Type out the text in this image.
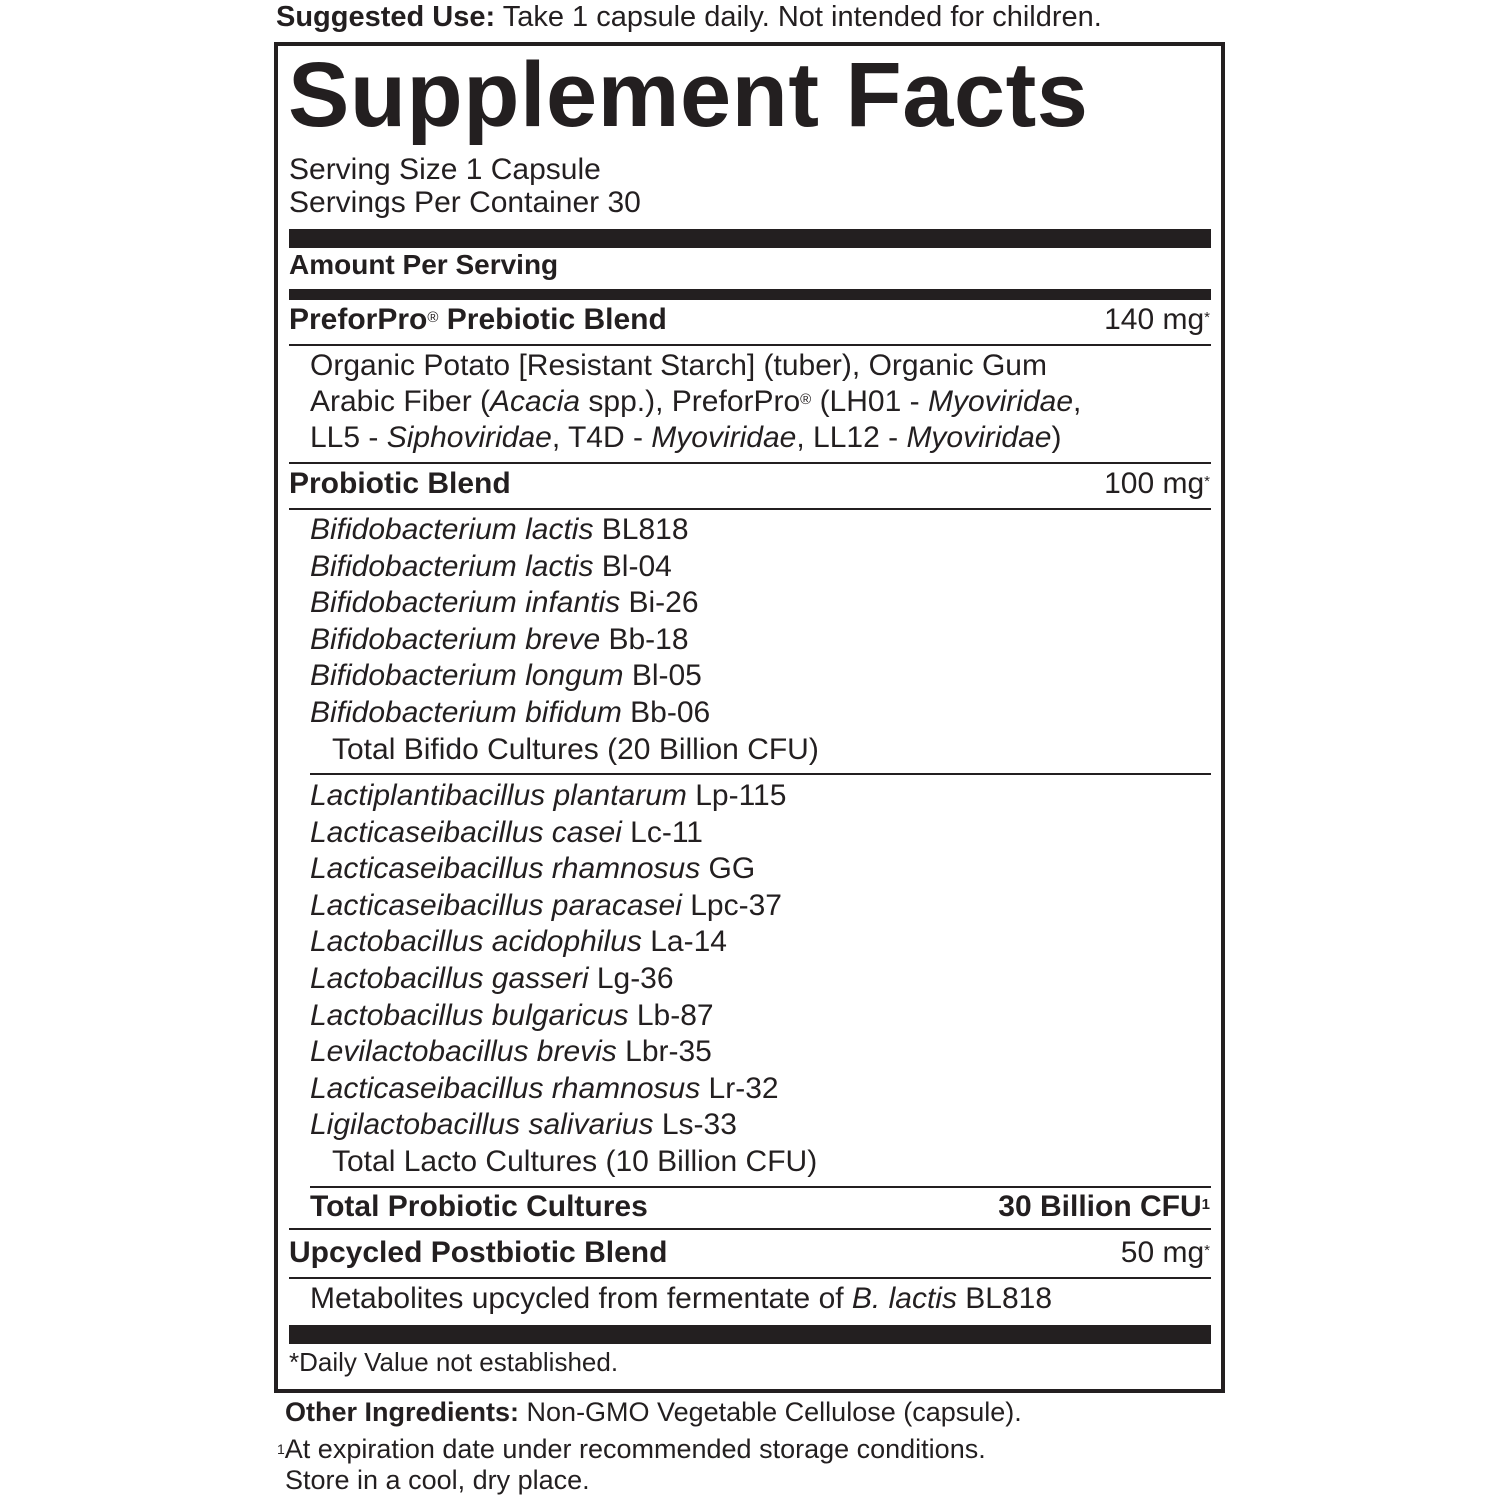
Suggested Use: Take 1 capsule daily. Not intended for children.
Supplement Facts
Serving Size 1 Capsule
Servings Per Container 30
Amount Per Serving
PreforPro® Prebiotic Blend	140 mg*
Organic Potato [Resistant Starch] (tuber), Organic Gum
Arabic Fiber (Acacia spp.), PreforPro® (LH01 - Myoviridae,
LL5 - Siphoviridae, T4D - Myoviridae, LL12 - Myoviridae)
Probiotic Blend	100 mg*
Bifidobacterium lactis BL818
Bifidobacterium lactis Bl-04
Bifidobacterium infantis Bi-26
Bifidobacterium breve Bb-18
Bifidobacterium longum Bl-05
Bifidobacterium bifidum Bb-06
Total Bifido Cultures (20 Billion CFU)
Lactiplantibacillus plantarum Lp-115
Lacticaseibacillus casei Lc-11
Lacticaseibacillus rhamnosus GG
Lacticaseibacillus paracasei Lpc-37
Lactobacillus acidophilus La-14
Lactobacillus gasseri Lg-36
Lactobacillus bulgaricus Lb-87
Levilactobacillus brevis Lbr-35
Lacticaseibacillus rhamnosus Lr-32
Ligilactobacillus salivarius Ls-33
Total Lacto Cultures (10 Billion CFU)
Total Probiotic Cultures	30 Billion CFU$^1$
Upcycled Postbiotic Blend	50 mg*
Metabolites upcycled from fermentate of B. lactis BL818
*Daily Value not established.
Other Ingredients: Non-GMO Vegetable Cellulose (capsule).
$^1$At expiration date under recommended storage conditions.
Store in a cool, dry place.
